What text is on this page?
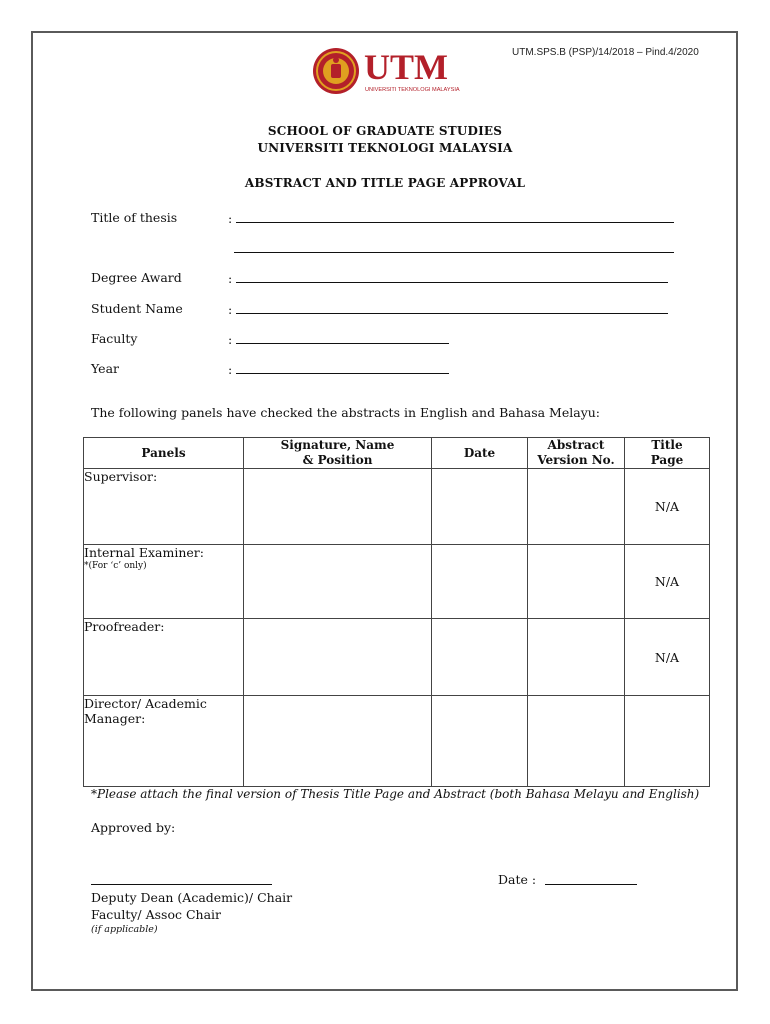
UTM.SPS.B (PSP)/14/2018 – Pind.4/2020
UTM
UNIVERSITI TEKNOLOGI MALAYSIA
SCHOOL OF GRADUATE STUDIES
UNIVERSITI TEKNOLOGI MALAYSIA
ABSTRACT AND TITLE PAGE APPROVAL
Title of thesis	:
Degree Award	:
Student Name	:
Faculty	:
Year	:
The following panels have checked the abstracts in English and Bahasa Melayu:
Panels	Signature, Name & Position	Date	Abstract Version No.	Title Page
Supervisor:				N/A
Internal Examiner:
*(For ‘c’ only)				N/A
Proofreader:				N/A
Director/ Academic Manager:				
*Please attach the final version of Thesis Title Page and Abstract (both Bahasa Melayu and English)
Approved by:
Date :
Deputy Dean (Academic)/ Chair
Faculty/ Assoc Chair
(if applicable)
